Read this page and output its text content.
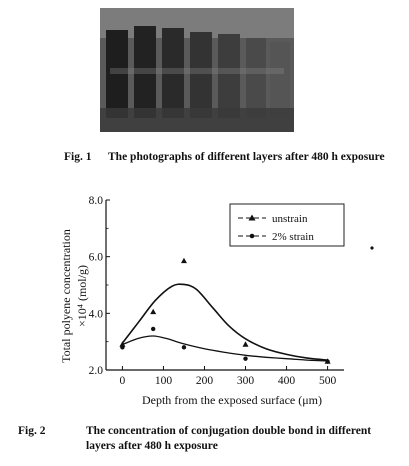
Fig. 1 The photographs of different layers after 480 h exposure
0	100 200 300 400 500
2.0
4.0
6.0
8.0
Depth from the exposed surface (μm)
Total polyene concentration ×10⁴ (mol/g)
unstrain
2% strain
Fig. 2	The concentration of conjugation double bond in different layers after 480 h exposure
